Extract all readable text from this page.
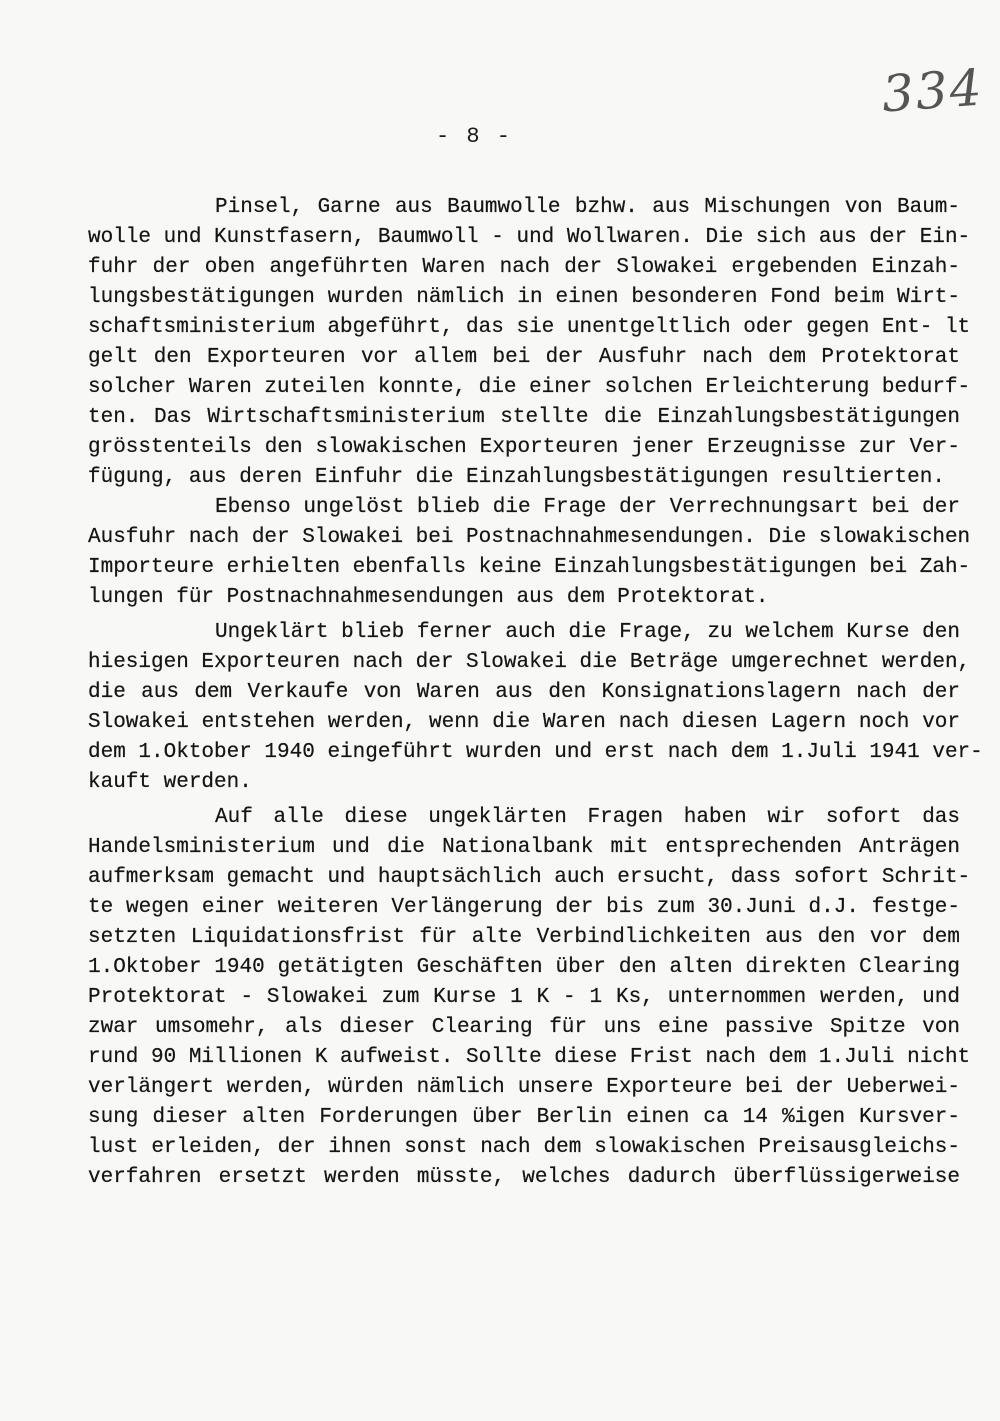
334
- 8 -
Pinsel, Garne aus Baumwolle bzhw. aus Mischungen von Baum-
wolle und Kunstfasern, Baumwoll - und Wollwaren. Die sich aus der Ein-
fuhr der oben angeführten Waren nach der Slowakei ergebenden Einzah-
lungsbestätigungen wurden nämlich in einen besonderen Fond beim Wirt-
schaftsministerium abgeführt, das sie unentgeltlich oder gegen Ent- lt
gelt den Exporteuren vor allem bei der Ausfuhr nach dem Protektorat
solcher Waren zuteilen konnte, die einer solchen Erleichterung bedurf-
ten. Das Wirtschaftsministerium stellte die Einzahlungsbestätigungen
grösstenteils den slowakischen Exporteuren jener Erzeugnisse zur Ver-
fügung, aus deren Einfuhr die Einzahlungsbestätigungen resultierten.
Ebenso ungelöst blieb die Frage der Verrechnungsart bei der
Ausfuhr nach der Slowakei bei Postnachnahmesendungen. Die slowakischen
Importeure erhielten ebenfalls keine Einzahlungsbestätigungen bei Zah-
lungen für Postnachnahmesendungen aus dem Protektorat.
Ungeklärt blieb ferner auch die Frage, zu welchem Kurse den
hiesigen Exporteuren nach der Slowakei die Beträge umgerechnet werden,
die aus dem Verkaufe von Waren aus den Konsignationslagern nach der
Slowakei entstehen werden, wenn die Waren nach diesen Lagern noch vor
dem 1.Oktober 1940 eingeführt wurden und erst nach dem 1.Juli 1941 ver-
kauft werden.
Auf alle diese ungeklärten Fragen haben wir sofort das
Handelsministerium und die Nationalbank mit entsprechenden Anträgen
aufmerksam gemacht und hauptsächlich auch ersucht, dass sofort Schrit-
te wegen einer weiteren Verlängerung der bis zum 30.Juni d.J. festge-
setzten Liquidationsfrist für alte Verbindlichkeiten aus den vor dem
1.Oktober 1940 getätigten Geschäften über den alten direkten Clearing
Protektorat - Slowakei zum Kurse 1 K - 1 Ks, unternommen werden, und
zwar umsomehr, als dieser Clearing für uns eine passive Spitze von
rund 90 Millionen K aufweist. Sollte diese Frist nach dem 1.Juli nicht
verlängert werden, würden nämlich unsere Exporteure bei der Ueberwei-
sung dieser alten Forderungen über Berlin einen ca 14 %igen Kursver-
lust erleiden, der ihnen sonst nach dem slowakischen Preisausgleichs-
verfahren ersetzt werden müsste, welches dadurch überflüssigerweise
